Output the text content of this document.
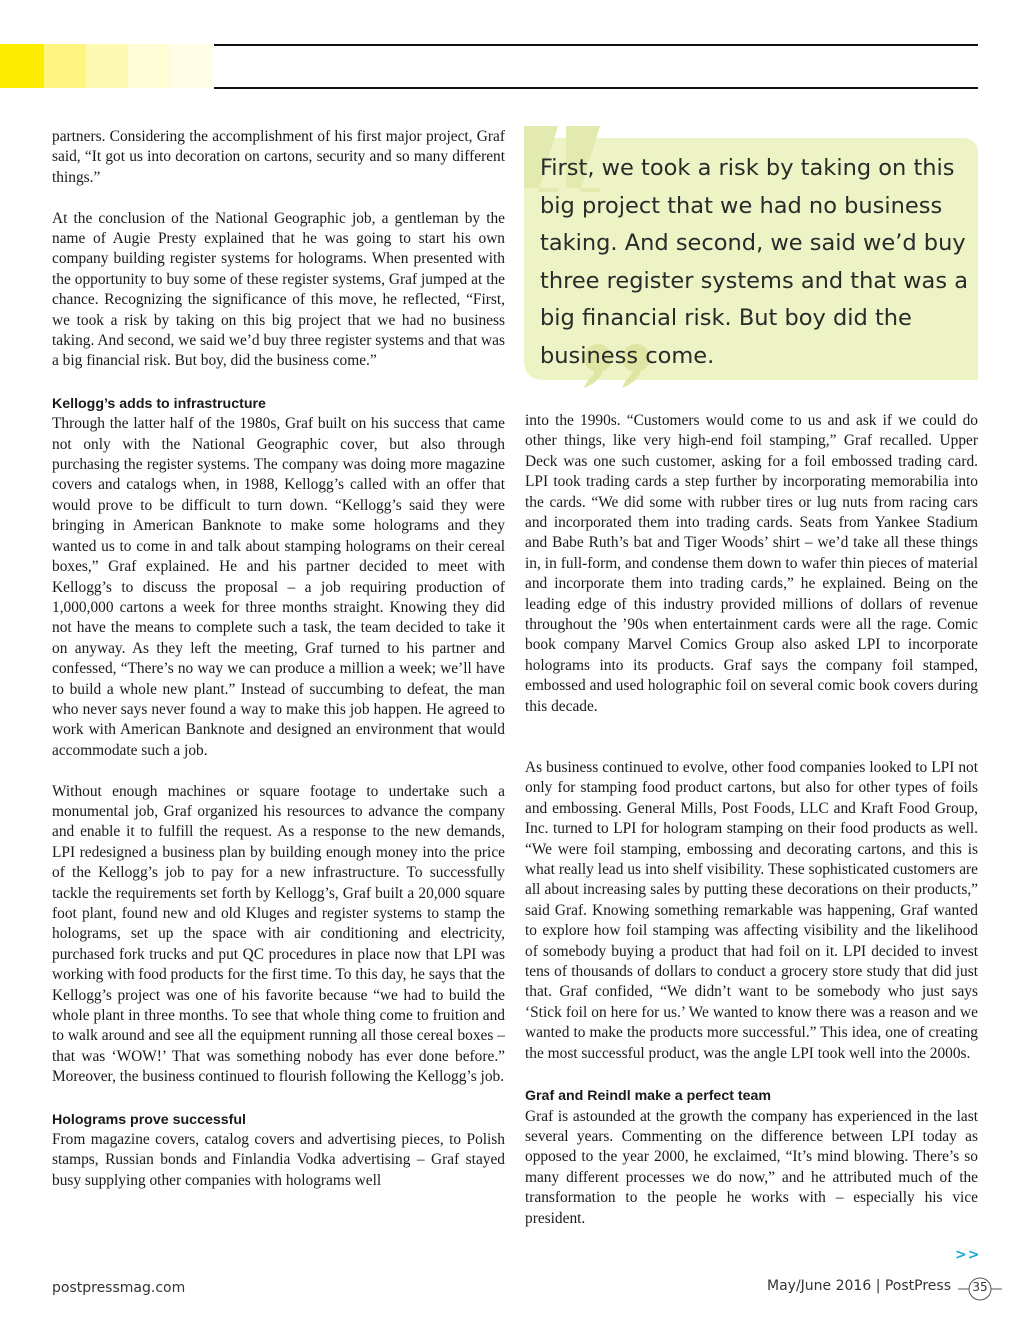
partners. Considering the accomplishment of his first major project, Graf said, “It got us into decoration on cartons, security and so many different things.”

At the conclusion of the National Geographic job, a gentleman by the name of Augie Presty explained that he was going to start his own company building register systems for holograms. When presented with the opportunity to buy some of these register systems, Graf jumped at the chance. Recognizing the significance of this move, he reflected, “First, we took a risk by taking on this big project that we had no business taking. And second, we said we’d buy three register systems and that was a big financial risk. But boy, did the business come.”

Kellogg’s adds to infrastructure

Through the latter half of the 1980s, Graf built on his success that came not only with the National Geographic cover, but also through purchasing the register systems. The company was doing more magazine covers and catalogs when, in 1988, Kellogg’s called with an offer that would prove to be difficult to turn down. “Kellogg’s said they were bringing in American Banknote to make some holograms and they wanted us to come in and talk about stamping holograms on their cereal boxes,” Graf explained. He and his partner decided to meet with Kellogg’s to discuss the proposal – a job requiring production of 1,000,000 cartons a week for three months straight. Knowing they did not have the means to complete such a task, the team decided to take it on anyway. As they left the meeting, Graf turned to his partner and confessed, “There’s no way we can produce a million a week; we’ll have to build a whole new plant.” Instead of succumbing to defeat, the man who never says never found a way to make this job happen. He agreed to work with American Banknote and designed an environment that would accommodate such a job.

Without enough machines or square footage to undertake such a monumental job, Graf organized his resources to advance the company and enable it to fulfill the request. As a response to the new demands, LPI redesigned a business plan by building enough money into the price of the Kellogg’s job to pay for a new infrastructure. To successfully tackle the requirements set forth by Kellogg’s, Graf built a 20,000 square foot plant, found new and old Kluges and register systems to stamp the holograms, set up the space with air conditioning and electricity, purchased fork trucks and put QC procedures in place now that LPI was working with food products for the first time. To this day, he says that the Kellogg’s project was one of his favorite because “we had to build the whole plant in three months. To see that whole thing come to fruition and to walk around and see all the equipment running all those cereal boxes – that was ‘WOW!’ That was something nobody has ever done before.” Moreover, the business continued to flourish following the Kellogg’s job.

Holograms prove successful

From magazine covers, catalog covers and advertising pieces, to Polish stamps, Russian bonds and Finlandia Vodka advertising – Graf stayed busy supplying other companies with holograms well

First, we took a risk by taking on this big project that we had no business taking. And second, we said we’d buy three register systems and that was a big financial risk. But boy did the business come.

into the 1990s. “Customers would come to us and ask if we could do other things, like very high-end foil stamping,” Graf recalled. Upper Deck was one such customer, asking for a foil embossed trading card. LPI took trading cards a step further by incorporating memorabilia into the cards. “We did some with rubber tires or lug nuts from racing cars and incorporated them into trading cards. Seats from Yankee Stadium and Babe Ruth’s bat and Tiger Woods’ shirt – we’d take all these things in, in full-form, and condense them down to wafer thin pieces of material and incorporate them into trading cards,” he explained. Being on the leading edge of this industry provided millions of dollars of revenue throughout the ’90s when entertainment cards were all the rage. Comic book company Marvel Comics Group also asked LPI to incorporate holograms into its products. Graf says the company foil stamped, embossed and used holographic foil on several comic book covers during this decade.

As business continued to evolve, other food companies looked to LPI not only for stamping food product cartons, but also for other types of foils and embossing. General Mills, Post Foods, LLC and Kraft Food Group, Inc. turned to LPI for hologram stamping on their food products as well. “We were foil stamping, embossing and decorating cartons, and this is what really lead us into shelf visibility. These sophisticated customers are all about increasing sales by putting these decorations on their products,” said Graf. Knowing something remarkable was happening, Graf wanted to explore how foil stamping was affecting visibility and the likelihood of somebody buying a product that had foil on it. LPI decided to invest tens of thousands of dollars to conduct a grocery store study that did just that. Graf confided, “We didn’t want to be somebody who just says ‘Stick foil on here for us.’ We wanted to know there was a reason and we wanted to make the products more successful.” This idea, one of creating the most successful product, was the angle LPI took well into the 2000s.

Graf and Reindl make a perfect team

Graf is astounded at the growth the company has experienced in the last several years. Commenting on the difference between LPI today as opposed to the year 2000, he exclaimed, “It’s mind blowing. There’s so many different processes we do now,” and he attributed much of the transformation to the people he works with – especially his vice president.

>>
postpressmag.com	May/June 2016 | PostPress 35
